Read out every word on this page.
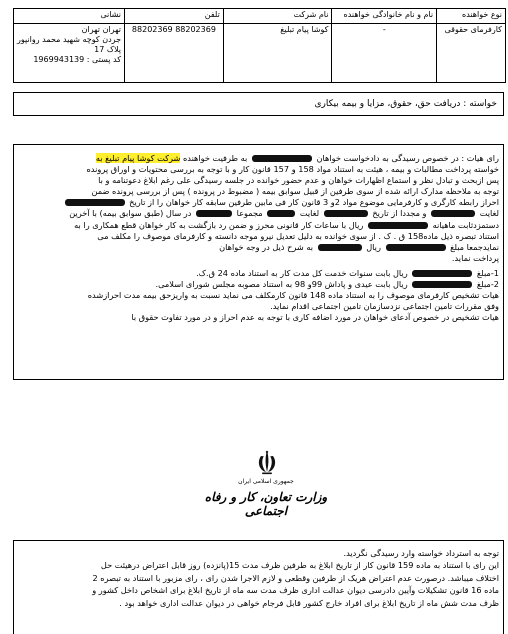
نوع خواهنده	نام و نام خانوادگی خواهنده	نام شرکت	تلفن	نشانی
کارفرمای حقوقی	-	کوشا پیام تبلیغ	88202369 88202369	تهران تهران
جردن کوچه شهید محمد روانپور
پلاک 17
کد پستی : 1969943139
خواسته : دریافت حق، حقوق، مزایا و بیمه بیکاری

رای هیات : در خصوص رسیدگی به دادخواست خواهان  به طرفیت خواهنده شرکت کوشا پیام تبلیغ به

خواسته پرداخت مطالبات و بیمه ، هیئت به استناد مواد 158 و 157 قانون کار و با توجه به بررسی محتویات و اوراق پرونده

پس ازبحث و تبادل نظر و استماع اظهارات خواهان و عدم حضور خوانده در جلسه رسیدگی علی رغم ابلاغ دعوتنامه و با

توجه به ملاحظه مدارک ارائه شده از سوی طرفین از قبیل سوابق بیمه ( مضبوط در پرونده ) پس از بررسی پرونده ضمن

احراز رابطه کارگری و کارفرمایی موضوع مواد 2و 3 قانون کار فی مابین طرفین سابقه کار خواهان را از تاریخ

لغایت  و مجددا از تاریخ  لغایت  مجموعا  در سال (طبق سوابق بیمه) با آخرین

دستمزدثابت ماهیانه  ریال با ساعات کار قانونی محرز و ضمن رد بازگشت به کار خواهان قطع همکاری را به

استناد تبصره ذیل ماده158 ق . ک . از سوی خوانده به دلیل تعدیل نیرو موجه دانسته و کارفرمای موصوف را مکلف می

نمایدجمعا مبلغ  ریال  به شرح ذیل در وجه خواهان

پرداخت نماید.

1-مبلغ  ریال بابت سنوات خدمت کل مدت کار به استناد ماده 24 ق.ک.

2-مبلغ  ریال بابت عیدی و پاداش 99و 98 به استناد مصوبه مجلس شورای اسلامی.

هیات تشخیص کارفرمای موصوف را به استناد ماده 148 قانون کارمکلف می نماید نسبت به واریزحق بیمه مدت احرازشده

وفق مقررات تامین اجتماعی نزدسازمان تامین اجتماعی اقدام نماید.

هیات تشخیص در خصوص آدعای خواهان در مورد اضافه کاری با توجه به عدم احراز و در مورد تفاوت حقوق با

جمهوری اسلامی ایران
وزارت تعاون، کار و رفاه اجتماعی

توجه به استرداد خواسته وارد رسیدگی نگردید.

این رای با استناد به ماده 159 قانون کار از تاریخ ابلاغ به طرفین ظرف مدت 15(پانزده) روز قابل اعتراض درهیئت حل

اختلاف میباشد. درصورت عدم اعتراض هریک از طرفین وقطعی و لازم الاجرا شدن رای ، رای مزبور با استناد به تبصره 2

ماده 16 قانون تشکیلات وآیین دادرسی دیوان عدالت اداری ظرف مدت سه ماه از تاریخ ابلاغ برای اشخاص داخل کشور و

ظرف مدت شش ماه از تاریخ ابلاغ برای افراد خارج کشور قابل فرجام خواهی در دیوان عدالت اداری خواهد بود .
